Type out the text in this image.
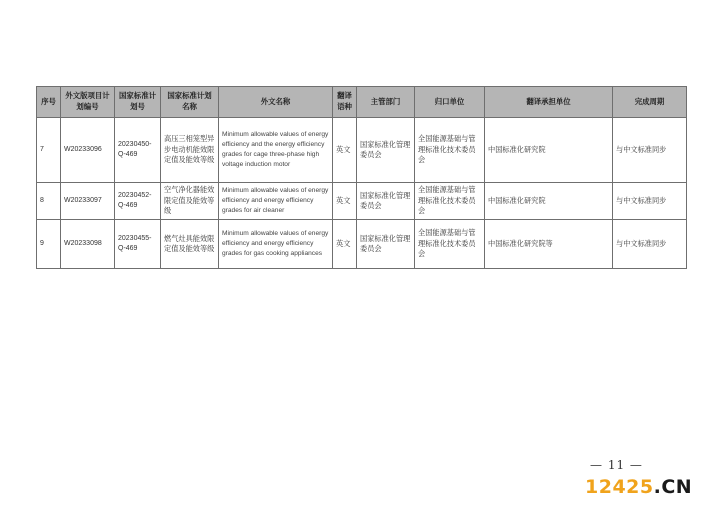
序号	外文版项目计划编号	国家标准计划号	国家标准计划名称	外文名称	翻译语种	主管部门	归口单位	翻译承担单位	完成周期
7	W20233096	20230450-Q-469	高压三相笼型异步电动机能效限定值及能效等级	Minimum allowable values of energy efficiency and the energy efficiency grades for cage three-phase high voltage induction motor	英文	国家标准化管理委员会	全国能源基础与管理标准化技术委员会	中国标准化研究院	与中文标准同步
8	W20233097	20230452-Q-469	空气净化器能效限定值及能效等级	Minimum allowable values of energy efficiency and energy efficiency grades for air cleaner	英文	国家标准化管理委员会	全国能源基础与管理标准化技术委员会	中国标准化研究院	与中文标准同步
9	W20233098	20230455-Q-469	燃气灶具能效限定值及能效等级	Minimum allowable values of energy efficiency and energy efficiency grades for gas cooking appliances	英文	国家标准化管理委员会	全国能源基础与管理标准化技术委员会	中国标准化研究院等	与中文标准同步
— 11 —
12425.CN
